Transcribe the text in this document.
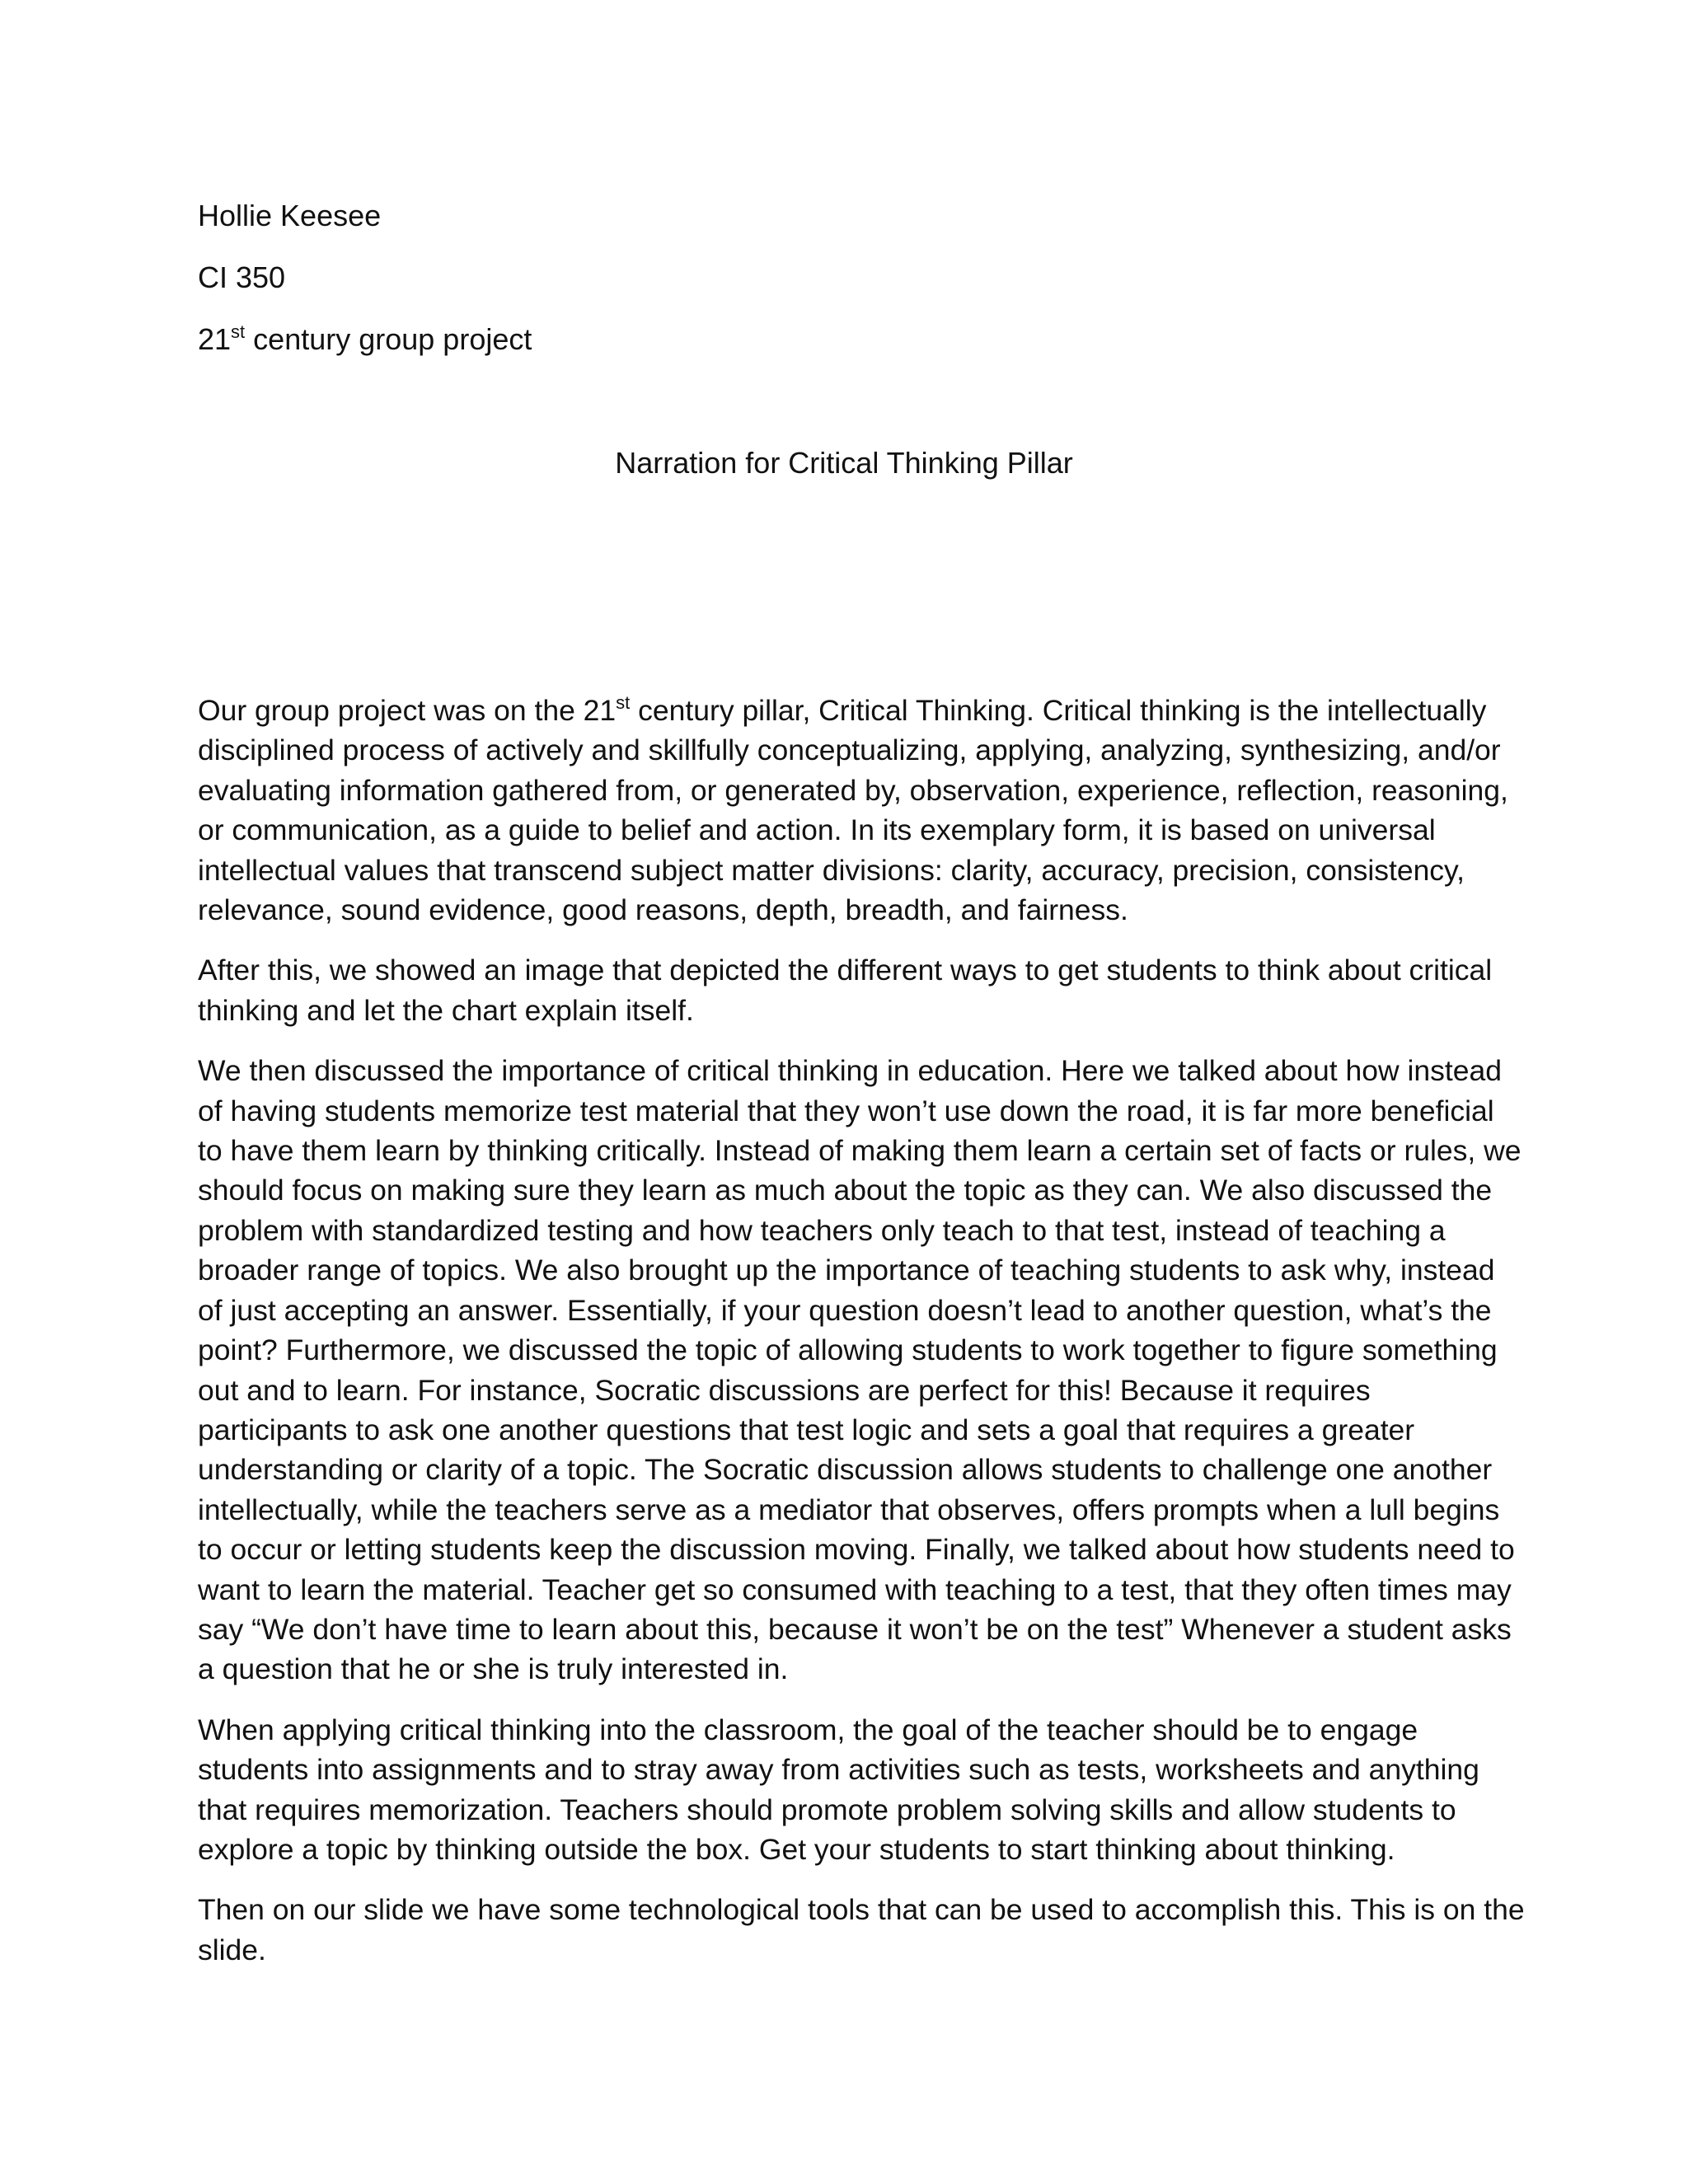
Hollie Keesee
CI 350
21st century group project
Narration for Critical Thinking Pillar

Our group project was on the 21st century pillar, Critical Thinking. Critical thinking is the intellectually disciplined process of actively and skillfully conceptualizing, applying, analyzing, synthesizing, and/or evaluating information gathered from, or generated by, observation, experience, reflection, reasoning, or communication, as a guide to belief and action. In its exemplary form, it is based on universal intellectual values that transcend subject matter divisions: clarity, accuracy, precision, consistency, relevance, sound evidence, good reasons, depth, breadth, and fairness.

After this, we showed an image that depicted the different ways to get students to think about critical thinking and let the chart explain itself.

We then discussed the importance of critical thinking in education. Here we talked about how instead of having students memorize test material that they won’t use down the road, it is far more beneficial to have them learn by thinking critically. Instead of making them learn a certain set of facts or rules, we should focus on making sure they learn as much about the topic as they can. We also discussed the problem with standardized testing and how teachers only teach to that test, instead of teaching a broader range of topics. We also brought up the importance of teaching students to ask why, instead of just accepting an answer. Essentially, if your question doesn’t lead to another question, what’s the point? Furthermore, we discussed the topic of allowing students to work together to figure something out and to learn. For instance, Socratic discussions are perfect for this! Because it requires participants to ask one another questions that test logic and sets a goal that requires a greater understanding or clarity of a topic. The Socratic discussion allows students to challenge one another intellectually, while the teachers serve as a mediator that observes, offers prompts when a lull begins to occur or letting students keep the discussion moving. Finally, we talked about how students need to want to learn the material. Teacher get so consumed with teaching to a test, that they often times may say “We don’t have time to learn about this, because it won’t be on the test” Whenever a student asks a question that he or she is truly interested in.

When applying critical thinking into the classroom, the goal of the teacher should be to engage students into assignments and to stray away from activities such as tests, worksheets and anything that requires memorization. Teachers should promote problem solving skills and allow students to explore a topic by thinking outside the box. Get your students to start thinking about thinking.

Then on our slide we have some technological tools that can be used to accomplish this. This is on the slide.
